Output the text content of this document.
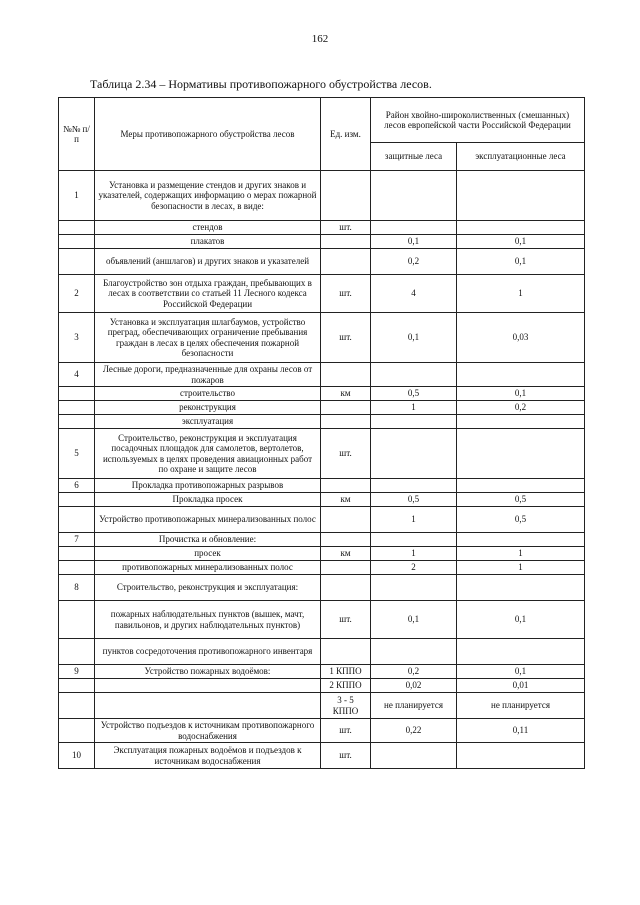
162
Таблица 2.34 – Нормативы противопожарного обустройства лесов.
№№ п/п	Меры противопожарного обустройства лесов	Ед. изм.	Район хвойно-широколиственных (смешанных) лесов европейской части Российской Федерации	
			защитные леса	эксплуатационные леса
1	Установка и размещение стендов и других знаков и указателей, содержащих информацию о мерах пожарной безопасности в лесах, в виде:			
	стендов	шт.		
	плакатов		0,1	0,1
	объявлений (аншлагов) и других знаков и указателей		0,2	0,1
2	Благоустройство зон отдыха граждан, пребывающих в лесах в соответствии со статьей 11 Лесного кодекса Российской Федерации	шт.	4	1
3	Установка и эксплуатация шлагбаумов, устройство преград, обеспечивающих ограничение пребывания граждан в лесах в целях обеспечения пожарной безопасности	шт.	0,1	0,03
4	Лесные дороги, предназначенные для охраны лесов от пожаров			
	строительство	км	0,5	0,1
	реконструкция		1	0,2
	эксплуатация			
5	Строительство, реконструкция и эксплуатация посадочных площадок для самолетов, вертолетов, используемых в целях проведения авиационных работ по охране и защите лесов	шт.		
6	Прокладка противопожарных разрывов			
	Прокладка просек	км	0,5	0,5
	Устройство противопожарных минерализованных полос		1	0,5
7	Прочистка и обновление:			
	просек	км	1	1
	противопожарных минерализованных полос		2	1
8	Строительство, реконструкция и эксплуатация:			
	пожарных наблюдательных пунктов (вышек, мачт, павильонов, и других наблюдательных пунктов)	шт.	0,1	0,1
	пунктов сосредоточения противопожарного инвентаря			
9	Устройство пожарных водоёмов:	1 КППО	0,2	0,1
		2 КППО	0,02	0,01
		3 - 5 КППО	не планируется	не планируется
	Устройство подъездов к источникам противопожарного водоснабжения	шт.	0,22	0,11
10	Эксплуатация пожарных водоёмов и подъездов к источникам водоснабжения	шт.		
